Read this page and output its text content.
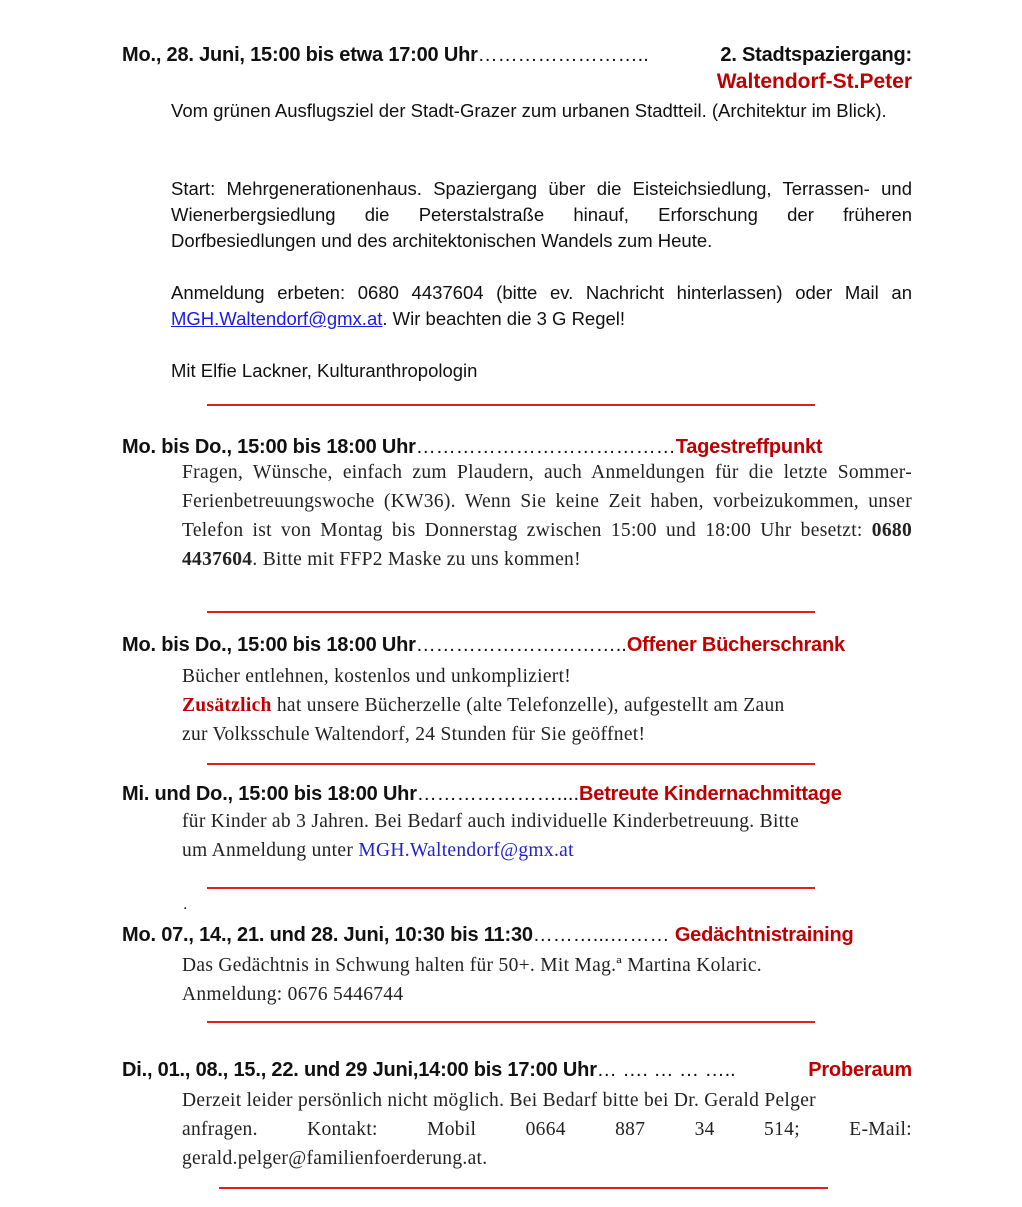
Mo., 28. Juni, 15:00 bis etwa 17:00 Uhr……………………..	2. Stadtspaziergang:
Waltendorf-St.Peter
Vom grünen Ausflugsziel der Stadt-Grazer zum urbanen Stadtteil. (Architektur im Blick).
Start: Mehrgenerationenhaus. Spaziergang über die Eisteichsiedlung, Terrassen- und Wienerbergsiedlung die Peterstalstraße hinauf, Erforschung der früheren Dorfbesiedlungen und des architektonischen Wandels zum Heute.
Anmeldung erbeten: 0680 4437604 (bitte ev. Nachricht hinterlassen) oder Mail an MGH.Waltendorf@gmx.at. Wir beachten die 3 G Regel!
Mit Elfie Lackner, Kulturanthropologin
Mo. bis Do., 15:00 bis 18:00 Uhr…………………………………Tagestreffpunkt
Fragen, Wünsche, einfach zum Plaudern, auch Anmeldungen für die letzte Sommer-Ferienbetreuungswoche (KW36). Wenn Sie keine Zeit haben, vorbeizukommen, unser Telefon ist von Montag bis Donnerstag zwischen 15:00 und 18:00 Uhr besetzt: 0680 4437604. Bitte mit FFP2 Maske zu uns kommen!
Mo. bis Do., 15:00 bis 18:00 Uhr…………………………..Offener Bücherschrank
Bücher entlehnen, kostenlos und unkompliziert!
Zusätzlich hat unsere Bücherzelle (alte Telefonzelle), aufgestellt am Zaun
zur Volksschule Waltendorf, 24 Stunden für Sie geöffnet!
Mi. und Do., 15:00 bis 18:00 Uhr…………………....Betreute Kindernachmittage
für Kinder ab 3 Jahren. Bei Bedarf auch individuelle Kinderbetreuung. Bitte
um Anmeldung unter MGH.Waltendorf@gmx.at
.
Mo. 07., 14., 21. und 28. Juni, 10:30 bis 11:30………...……… Gedächtnistraining
Das Gedächtnis in Schwung halten für 50+. Mit Mag.ª Martina Kolaric.
Anmeldung: 0676 5446744
Di., 01., 08., 15., 22. und 29 Juni,14:00 bis 17:00 Uhr… …. … … …..	Proberaum
Derzeit leider persönlich nicht möglich. Bei Bedarf bitte bei Dr. Gerald Pelger
anfragen. Kontakt: Mobil 0664 887 34 514; E-Mail:
gerald.pelger@familienfoerderung.at.
